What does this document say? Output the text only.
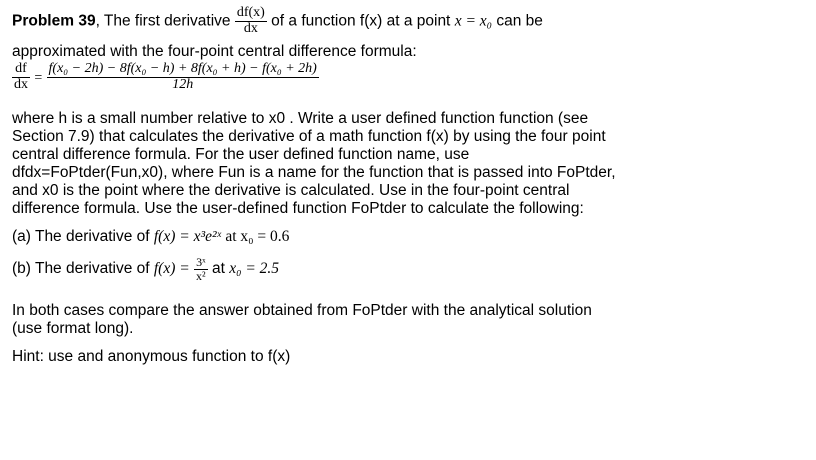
Problem 39, The first derivative $\frac{df(x)}{dx}$ of a function f(x) at a point x = x₀ can be
approximated with the four-point central difference formula:
$\frac{df}{dx} = \frac{\text{f(x₀ − 2h) − 8f(x₀ − h) + 8f(x₀ + h) − f(x₀ + 2h)}}{12h}$
where h is a small number relative to x0 . Write a user defined function function (see
Section 7.9) that calculates the derivative of a math function f(x) by using the four point
central difference formula. For the user defined function name, use
dfdx=FoPtder(Fun,x0), where Fun is a name for the function that is passed into FoPtder,
and x0 is the point where the derivative is calculated. Use in the four-point central
difference formula. Use the user-defined function FoPtder to calculate the following:
(a) The derivative of f(x) = x³e²ˣ at x₀ = 0.6
(b) The derivative of $f(x) = \frac{\text{3ˣ}}{\text{x²}}$ at x₀ = 2.5
In both cases compare the answer obtained from FoPtder with the analytical solution
(use format long).
Hint: use and anonymous function to f(x)
